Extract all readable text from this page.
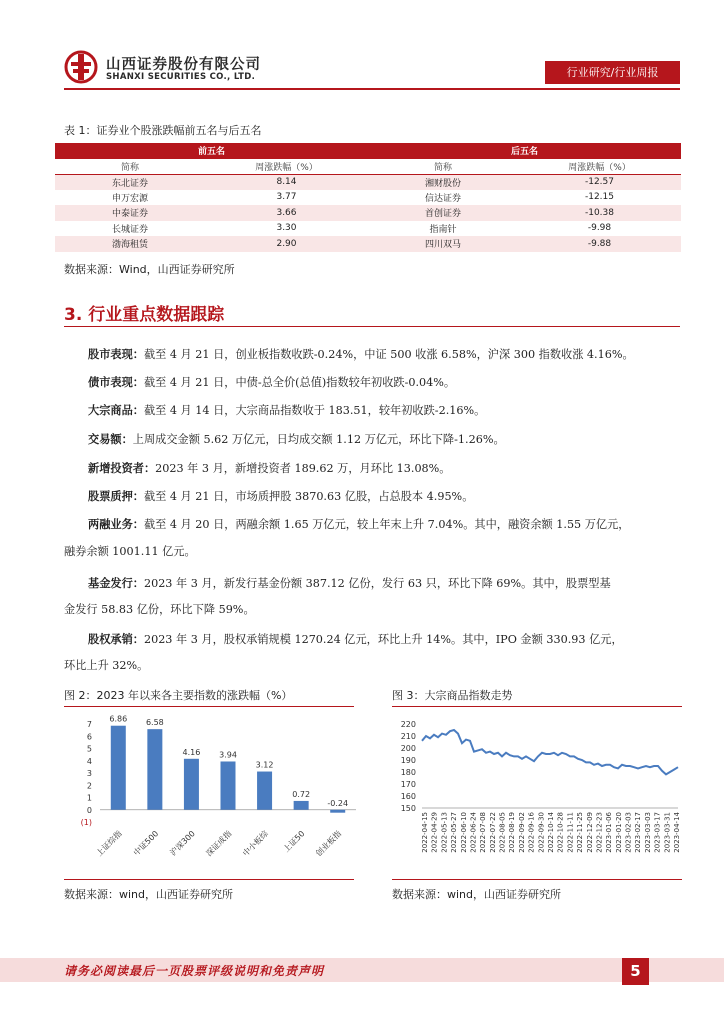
山西证券股份有限公司
SHANXI SECURITIES CO., LTD.	行业研究/行业周报
表 1：证券业个股涨跌幅前五名与后五名
前五名		后五名	
简称	周涨跌幅（%）	简称	周涨跌幅（%）
东北证券	8.14	湘财股份	-12.57
申万宏源	3.77	信达证券	-12.15
中泰证券	3.66	首创证券	-10.38
长城证券	3.30	指南针	-9.98
渤海租赁	2.90	四川双马	-9.88
数据来源：Wind，山西证券研究所
3. 行业重点数据跟踪
股市表现：截至 4 月 21 日，创业板指数收跌-0.24%，中证 500 收涨 6.58%，沪深 300 指数收涨 4.16%。
债市表现：截至 4 月 21 日，中债-总全价(总值)指数较年初收跌-0.04%。
大宗商品：截至 4 月 14 日，大宗商品指数收于 183.51，较年初收跌-2.16%。
交易额：上周成交金额 5.62 万亿元，日均成交额 1.12 万亿元，环比下降-1.26%。
新增投资者：2023 年 3 月，新增投资者 189.62 万，月环比 13.08%。
股票质押：截至 4 月 21 日，市场质押股 3870.63 亿股，占总股本 4.95%。
两融业务：截至 4 月 20 日，两融余额 1.65 万亿元，较上年末上升 7.04%。其中，融资余额 1.55 万亿元，
融券余额 1001.11 亿元。
基金发行：2023 年 3 月，新发行基金份额 387.12 亿份，发行 63 只，环比下降 69%。其中，股票型基
金发行 58.83 亿份，环比下降 59%。
股权承销：2023 年 3 月，股权承销规模 1270.24 亿元，环比上升 14%。其中，IPO 金额 330.93 亿元，
环比上升 32%。
图 2：2023 年以来各主要指数的涨跌幅（%）
7
6
5
4
3
2
1
0
(1)
6.86
上证综指
6.58
中证500
4.16
沪深300
3.94
深证成指
3.12
中小板综
0.72
上证50
-0.24
创业板指
数据来源：wind，山西证券研究所
图 3：大宗商品指数走势
220
210
200
190
180
170
160
150
2022-04-15 2022-04-29 2022-05-13 2022-05-27 2022-06-10 2022-06-24 2022-07-08 2022-07-22 2022-08-05 2022-08-19 2022-09-02 2022-09-16 2022-09-30 2022-10-14 2022-10-28 2022-11-11 2022-11-25 2022-12-09 2022-12-23 2023-01-06 2023-01-20 2023-02-03 2023-02-17 2023-03-03 2023-03-17 2023-03-31 2023-04-14
数据来源：wind，山西证券研究所
请务必阅读最后一页股票评级说明和免责声明	5
